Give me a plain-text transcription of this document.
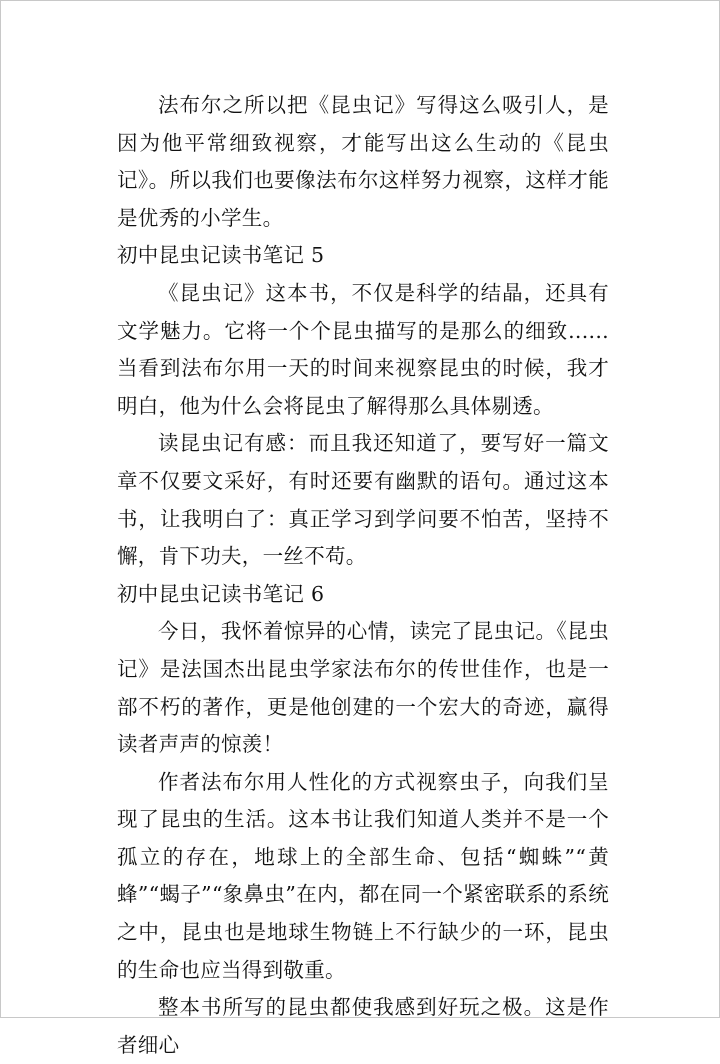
法布尔之所以把《昆虫记》写得这么吸引人，是因为他平常细致视察，才能写出这么生动的《昆虫记》。所以我们也要像法布尔这样努力视察，这样才能是优秀的小学生。

初中昆虫记读书笔记 5

《昆虫记》这本书，不仅是科学的结晶，还具有文学魅力。它将一个个昆虫描写的是那么的细致......当看到法布尔用一天的时间来视察昆虫的时候，我才明白，他为什么会将昆虫了解得那么具体剔透。

读昆虫记有感：而且我还知道了，要写好一篇文章不仅要文采好，有时还要有幽默的语句。通过这本书，让我明白了：真正学习到学问要不怕苦，坚持不懈，肯下功夫，一丝不苟。

初中昆虫记读书笔记 6

今日，我怀着惊异的心情，读完了昆虫记。《昆虫记》是法国杰出昆虫学家法布尔的传世佳作，也是一部不朽的著作，更是他创建的一个宏大的奇迹，赢得读者声声的惊羡！

作者法布尔用人性化的方式视察虫子，向我们呈现了昆虫的生活。这本书让我们知道人类并不是一个孤立的存在，地球上的全部生命、包括“蜘蛛”“黄蜂”“蝎子”“象鼻虫”在内，都在同一个紧密联系的系统之中，昆虫也是地球生物链上不行缺少的一环，昆虫的生命也应当得到敬重。

整本书所写的昆虫都使我感到好玩之极。这是作者细心
